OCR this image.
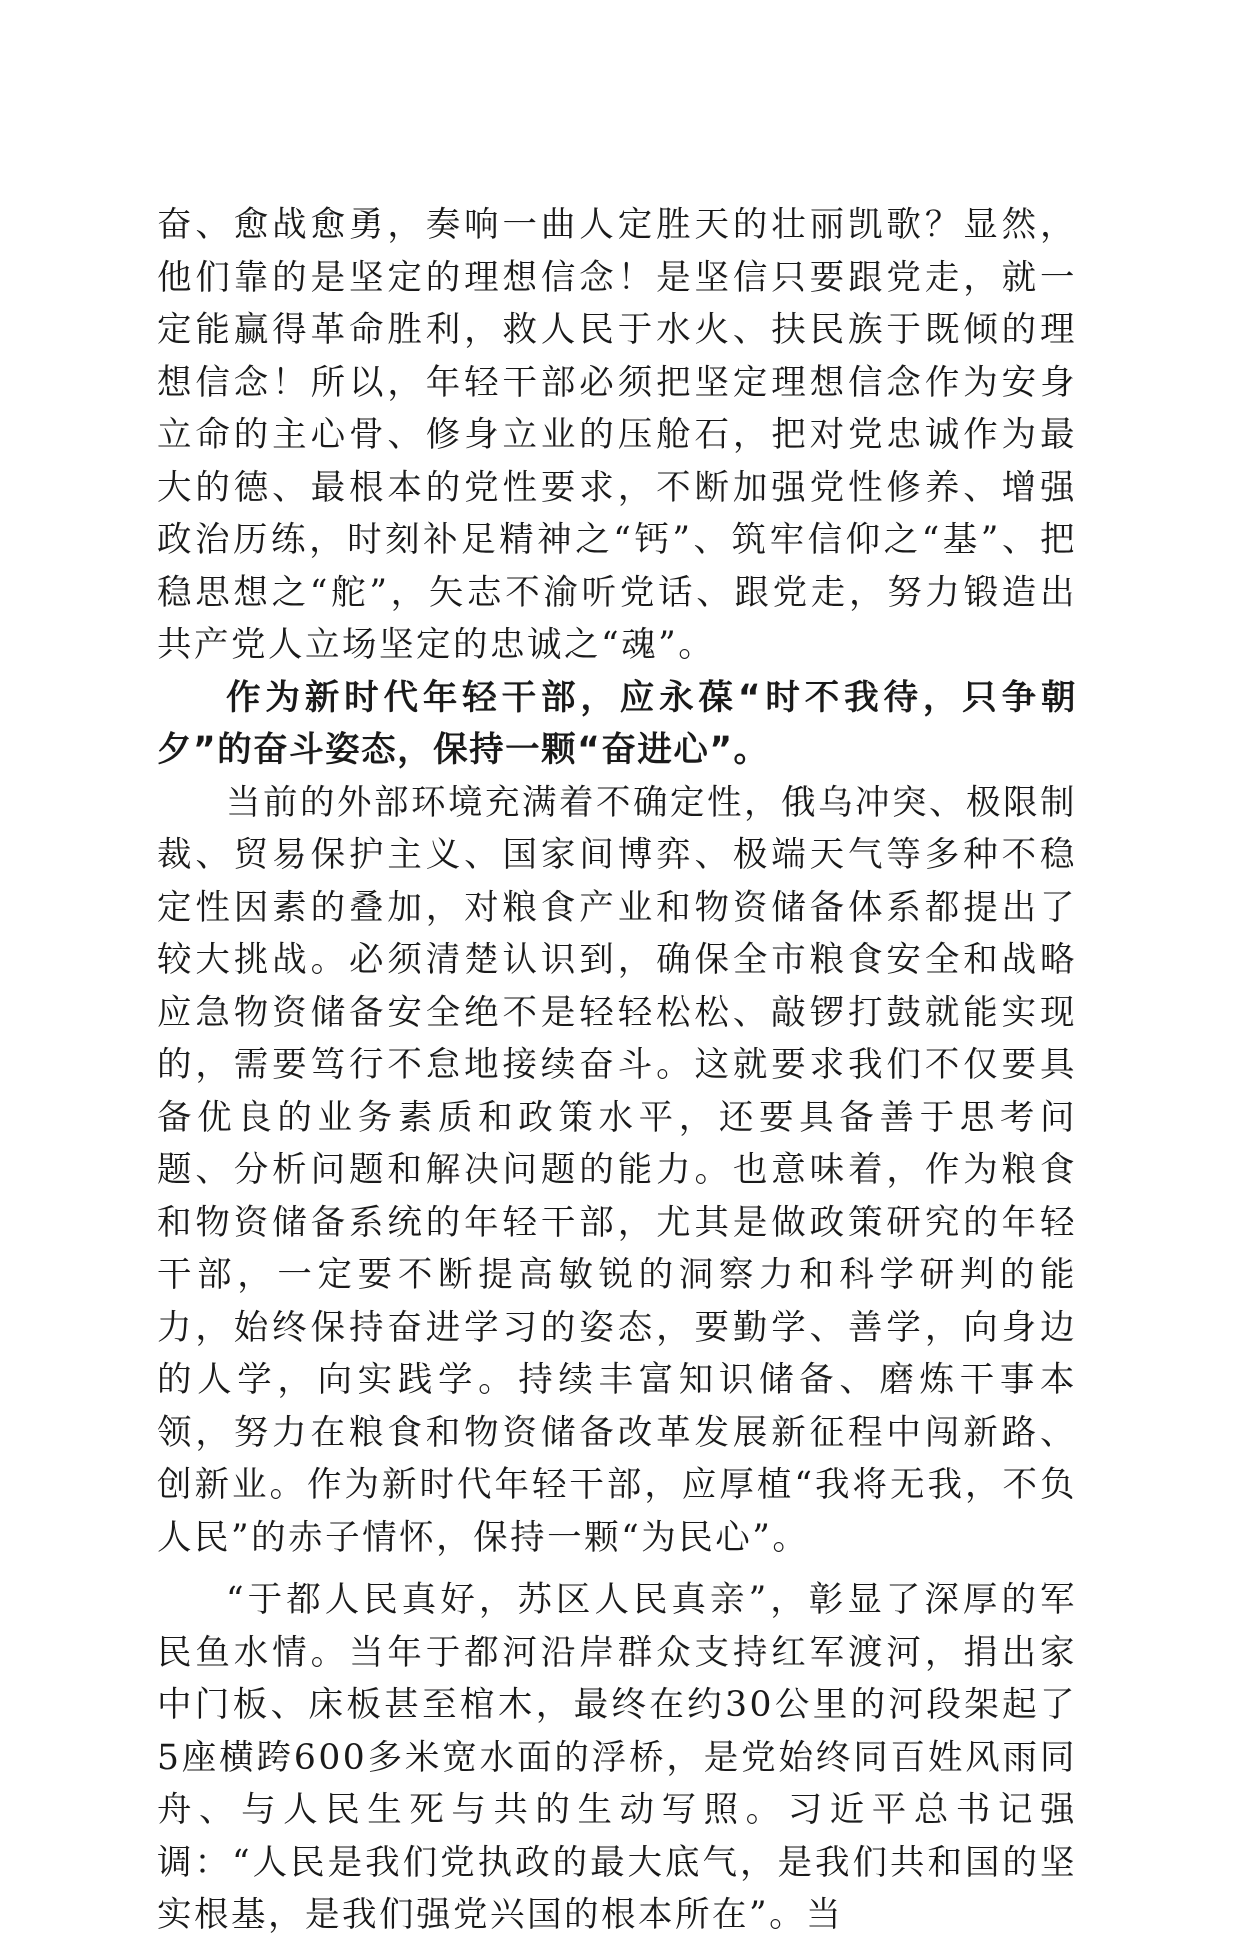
奋、愈战愈勇，奏响一曲人定胜天的壮丽凯歌？显然，他们靠的是坚定的理想信念！是坚信只要跟党走，就一定能赢得革命胜利，救人民于水火、扶民族于既倾的理想信念！所以，年轻干部必须把坚定理想信念作为安身立命的主心骨、修身立业的压舱石，把对党忠诚作为最大的德、最根本的党性要求，不断加强党性修养、增强政治历练，时刻补足精神之“钙”、筑牢信仰之“基”、把稳思想之“舵”，矢志不渝听党话、跟党走，努力锻造出共产党人立场坚定的忠诚之“魂”。

作为新时代年轻干部，应永葆“时不我待，只争朝夕”的奋斗姿态，保持一颗“奋进心”。

当前的外部环境充满着不确定性，俄乌冲突、极限制裁、贸易保护主义、国家间博弈、极端天气等多种不稳定性因素的叠加，对粮食产业和物资储备体系都提出了较大挑战。必须清楚认识到，确保全市粮食安全和战略应急物资储备安全绝不是轻轻松松、敲锣打鼓就能实现的，需要笃行不怠地接续奋斗。这就要求我们不仅要具备优良的业务素质和政策水平，还要具备善于思考问题、分析问题和解决问题的能力。也意味着，作为粮食和物资储备系统的年轻干部，尤其是做政策研究的年轻干部，一定要不断提高敏锐的洞察力和科学研判的能力，始终保持奋进学习的姿态，要勤学、善学，向身边的人学，向实践学。持续丰富知识储备、磨炼干事本领，努力在粮食和物资储备改革发展新征程中闯新路、创新业。作为新时代年轻干部，应厚植“我将无我，不负人民”的赤子情怀，保持一颗“为民心”。

“于都人民真好，苏区人民真亲”，彰显了深厚的军民鱼水情。当年于都河沿岸群众支持红军渡河，捐出家中门板、床板甚至棺木，最终在约30公里的河段架起了5座横跨600多米宽水面的浮桥，是党始终同百姓风雨同舟、与人民生死与共的生动写照。习近平总书记强调：“人民是我们党执政的最大底气，是我们共和国的坚实根基，是我们强党兴国的根本所在”。当
